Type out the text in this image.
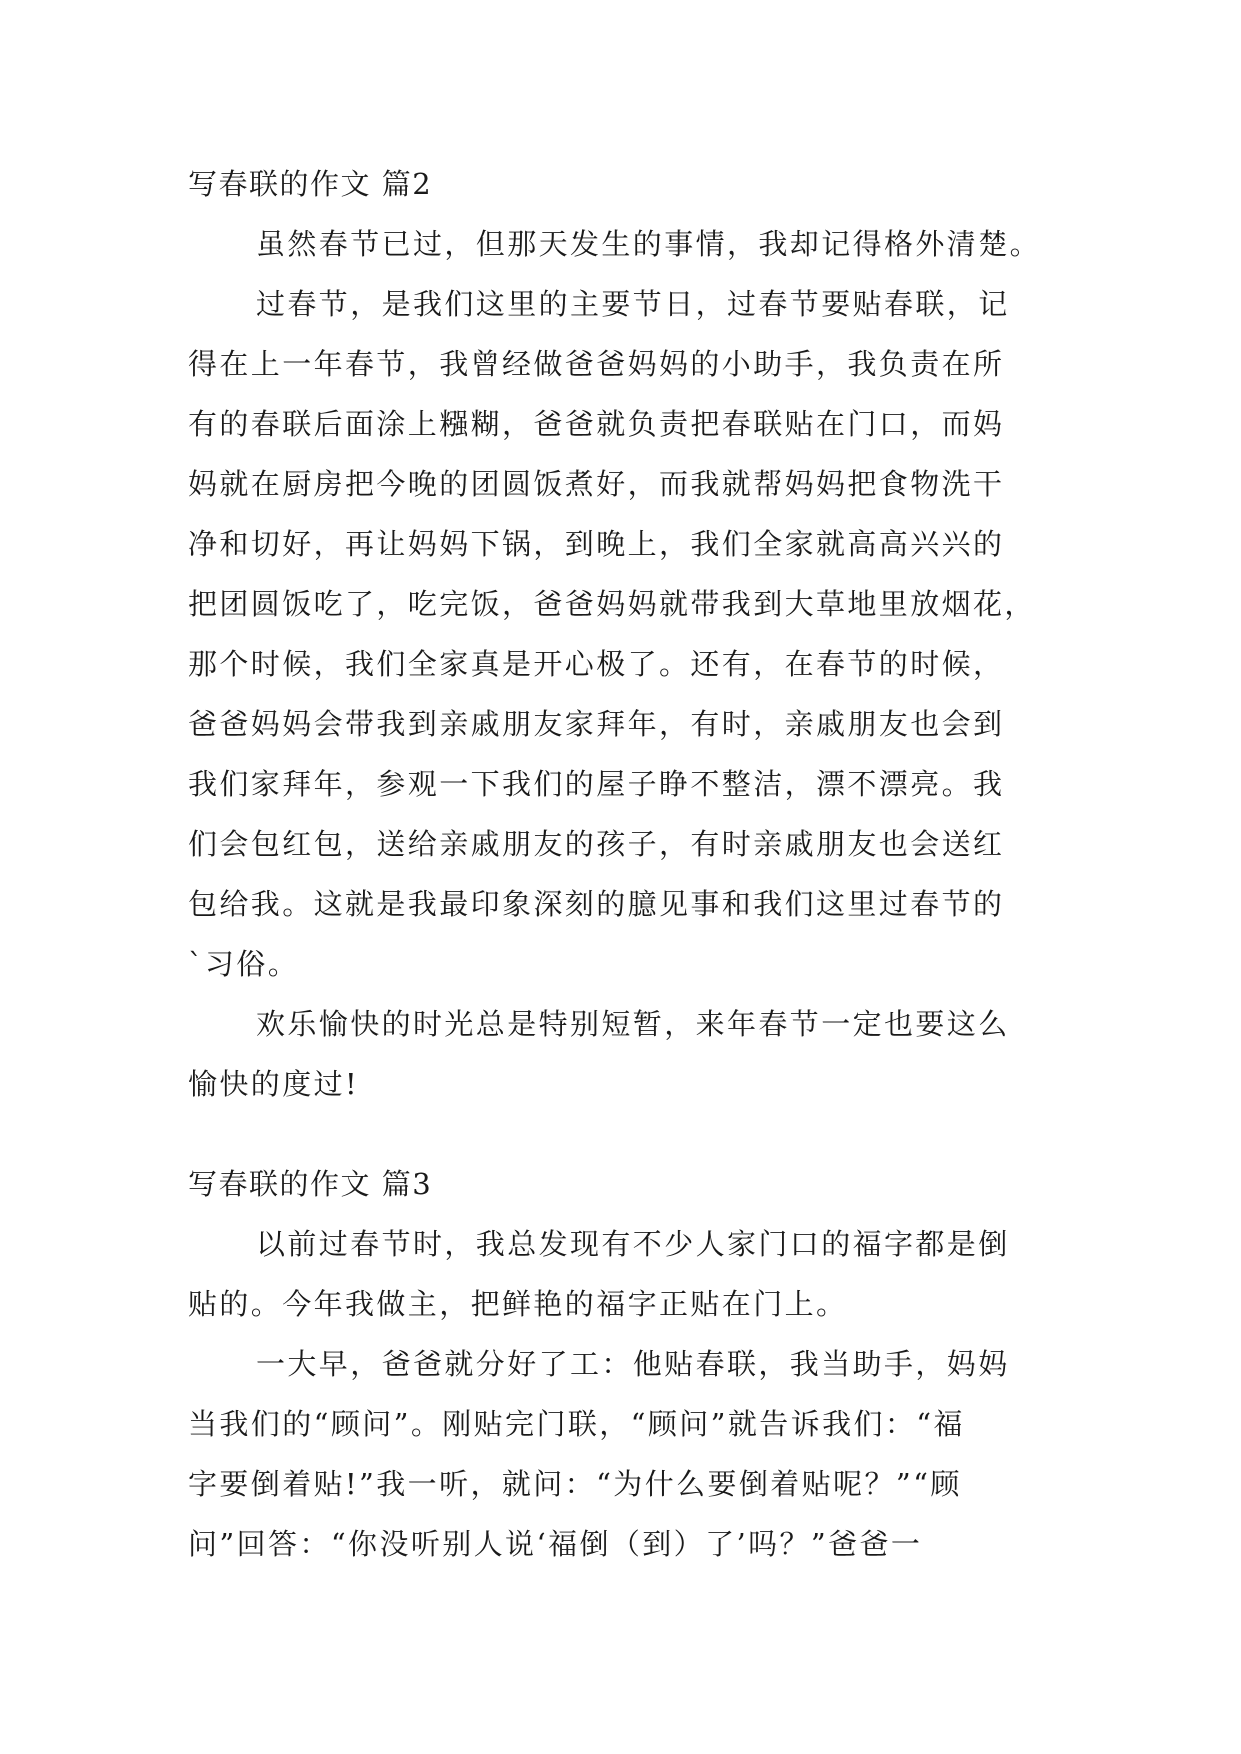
写春联的作文 篇2
虽然春节已过，但那天发生的事情，我却记得格外清楚。
过春节，是我们这里的主要节日，过春节要贴春联，记
得在上一年春节，我曾经做爸爸妈妈的小助手，我负责在所
有的春联后面涂上糨糊，爸爸就负责把春联贴在门口，而妈
妈就在厨房把今晚的团圆饭煮好，而我就帮妈妈把食物洗干
净和切好，再让妈妈下锅，到晚上，我们全家就高高兴兴的
把团圆饭吃了，吃完饭，爸爸妈妈就带我到大草地里放烟花，
那个时候，我们全家真是开心极了。还有，在春节的时候，
爸爸妈妈会带我到亲戚朋友家拜年，有时，亲戚朋友也会到
我们家拜年，参观一下我们的屋子睁不整洁，漂不漂亮。我
们会包红包，送给亲戚朋友的孩子，有时亲戚朋友也会送红
包给我。这就是我最印象深刻的臆见事和我们这里过春节的
`习俗。
欢乐愉快的时光总是特别短暂，来年春节一定也要这么
愉快的度过!
写春联的作文 篇3
以前过春节时，我总发现有不少人家门口的福字都是倒
贴的。今年我做主，把鲜艳的福字正贴在门上。
一大早，爸爸就分好了工：他贴春联，我当助手，妈妈
当我们的“顾问”。刚贴完门联，“顾问”就告诉我们：“福
字要倒着贴!”我一听，就问：“为什么要倒着贴呢？”“顾
问”回答：“你没听别人说‘福倒（到）了’吗？”爸爸一
